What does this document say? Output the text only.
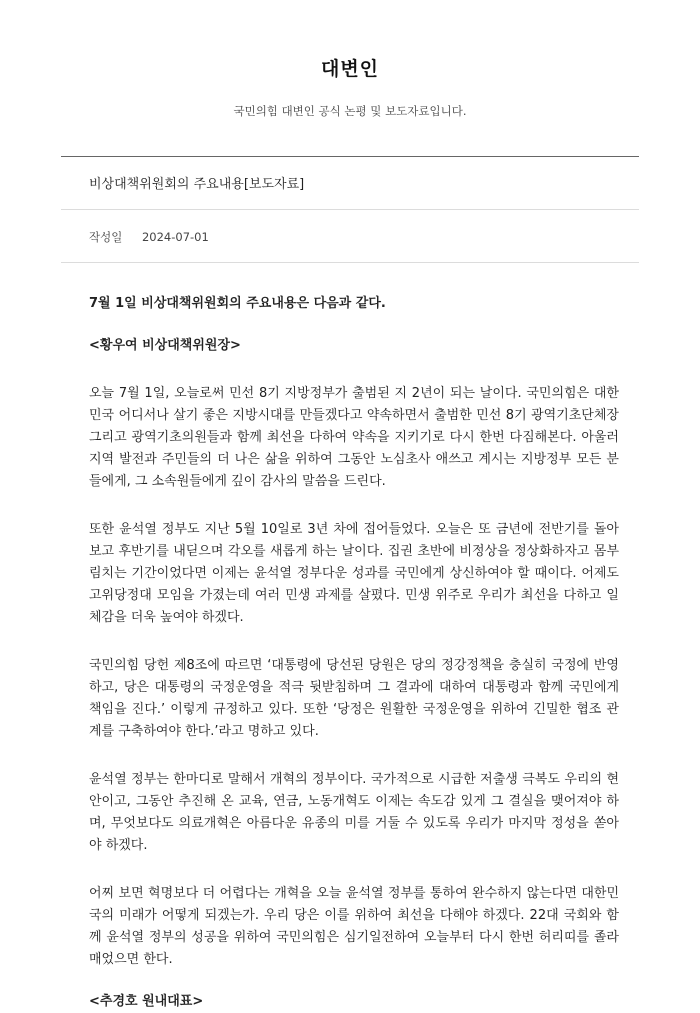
대변인
국민의힘 대변인 공식 논평 및 보도자료입니다.
비상대책위원회의 주요내용[보도자료]
작성일 2024-07-01

7월 1일 비상대책위원회의 주요내용은 다음과 같다.

<황우여 비상대책위원장>

오늘 7월 1일, 오늘로써 민선 8기 지방정부가 출범된 지 2년이 되는 날이다. 국민의힘은 대한민국 어디서나 살기 좋은 지방시대를 만들겠다고 약속하면서 출범한 민선 8기 광역기초단체장 그리고 광역기초의원들과 함께 최선을 다하여 약속을 지키기로 다시 한번 다짐해본다. 아울러 지역 발전과 주민들의 더 나은 삶을 위하여 그동안 노심초사 애쓰고 계시는 지방정부 모든 분들에게, 그 소속원들에게 깊이 감사의 말씀을 드린다.

또한 윤석열 정부도 지난 5월 10일로 3년 차에 접어들었다. 오늘은 또 금년에 전반기를 돌아보고 후반기를 내딛으며 각오를 새롭게 하는 날이다. 집권 초반에 비정상을 정상화하자고 몸부림치는 기간이었다면 이제는 윤석열 정부다운 성과를 국민에게 상신하여야 할 때이다. 어제도 고위당정대 모임을 가졌는데 여러 민생 과제를 살폈다. 민생 위주로 우리가 최선을 다하고 일체감을 더욱 높여야 하겠다.

국민의힘 당헌 제8조에 따르면 ‘대통령에 당선된 당원은 당의 정강정책을 충실히 국정에 반영하고, 당은 대통령의 국정운영을 적극 뒷받침하며 그 결과에 대하여 대통령과 함께 국민에게 책임을 진다.’ 이렇게 규정하고 있다. 또한 ‘당정은 원활한 국정운영을 위하여 긴밀한 협조 관계를 구축하여야 한다.’라고 명하고 있다.

윤석열 정부는 한마디로 말해서 개혁의 정부이다. 국가적으로 시급한 저출생 극복도 우리의 현안이고, 그동안 추진해 온 교육, 연금, 노동개혁도 이제는 속도감 있게 그 결실을 맺어져야 하며, 무엇보다도 의료개혁은 아름다운 유종의 미를 거둘 수 있도록 우리가 마지막 정성을 쏟아야 하겠다.

어찌 보면 혁명보다 더 어렵다는 개혁을 오늘 윤석열 정부를 통하여 완수하지 않는다면 대한민국의 미래가 어떻게 되겠는가. 우리 당은 이를 위하여 최선을 다해야 하겠다. 22대 국회와 함께 윤석열 정부의 성공을 위하여 국민의힘은 심기일전하여 오늘부터 다시 한번 허리띠를 졸라매었으면 한다.

<추경호 원내대표>
